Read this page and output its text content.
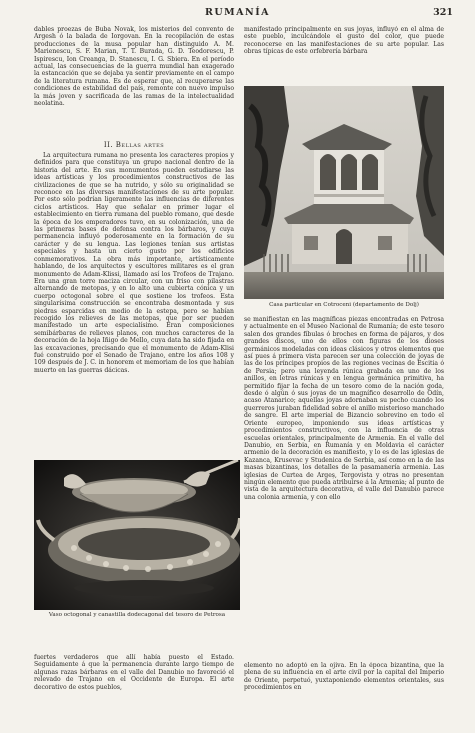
RUMANÍA	321

dables proezas de Buba Novak, los misterios del convento de Argesh ó la balada de Iorgovan. En la recopilación de estas producciones de la musa popular han distinguido A. M. Marienescu, S. F. Marian, T. T. Burada, G. D. Teodorescu, P. Ispirescu, Ion Creanga, D. Stanescu, I. G. Sbiera. En el período actual, las consecuencias de la guerra mundial han exagerado la estancación que se dejaba ya sentir previamente en el campo de la literatura rumana. Es de esperar que, al recuperarse las condiciones de estabilidad del país, remonte con nuevo impulso la más joven y sacrificada de las ramas de la intelectualidad neolatina.

II. Bellas artes

La arquitectura rumana no presenta los caracteres propios y definidos para que constituya un grupo nacional dentro de la historia del arte. En sus monumentos pueden estudiarse las ideas artísticas y los procedimientos constructivos de las civilizaciones de que se ha nutrido, y sólo su originalidad se reconoce en las diversas manifestaciones de su arte popular. Por esto sólo podrían ligeramente las influencias de diferentes ciclos artísticos. Hay que señalar en primer lugar el establecimiento en tierra rumana del pueblo romano, que desde la época de los emperadores tuvo, en su colonización, una de las primeras bases de defensa contra los bárbaros, y cuya permanencia influyó poderosamente en la formación de su carácter y de su lengua. Las legiones tenían sus artistas especiales y hasta un cierto gusto por los edificios conmemorativos. La obra más importante, artísticamente hablando, de los arquitectos y escultores militares es el gran monumento de Adam-Klissi, llamado así los Trofeos de Trajano. Era una gran torre maciza circular, con un friso con pilastras alternando de metopas, y en lo alto una cubierta cónica y un cuerpo octogonal sobre el que sostiene los trofeos. Esta singularísima construcción se encontraba desmontada y sus piedras esparcidas en medio de la estepa, pero se habían recogido los relieves de las metopas, que por ser pueden manifestado un arte especialísimo. Eran composiciones semibárbaras de relieves planos, con muchos caracteres de la decoración de la hoja Iñigo de Mello, cuya data ha sido fijada en las excavaciones, precisando que el monumento de Adam-Klisi fué construido por el Senado de Trajano, entre los años 108 y 109 después de J. C. in honorem et memoriam de los que habían muerto en las guerras dácicas.

manifestado principalmente en sus joyas, influyó en el alma de este pueblo, inculcándole el gusto del color, que puede reconocerse en las manifestaciones de su arte popular. Las obras típicas de este orfebrería bárbara

Casa particular en Cotroceni (departamento de Dolj)

se manifiestan en las magníficas piezas encontradas en Petrosa y actualmente en el Museo Nacional de Rumanía; de este tesoro salen dos grandes fíbulas ó broches en forma de pájaros, y dos grandes discos, uno de ellos con figuras de los dioses germánicos modeladas con ideas clásicos y otros elementos que así pues á primera vista parecen ser una colección de joyas de las de los príncipes propios de las regiones vecinas de Escitia ó de Persia; pero una leyenda rúnica grabada en uno de los anillos, en letras rúnicas y en lengua germánica primitiva, ha permitido fijar la fecha de un tesoro como de la nación goda, desde ó algún ó sus joyas de un magnífico desarrollo de Odín, acaso Atanarico; aquellas joyas adornaban su pecho cuando los guerreros juraban fidelidad sobre el anillo misterioso manchado de sangre. El arte imperial de Bizancio sobrevino en todo el Oriente europeo, imponiendo sus ideas artísticas y procedimientos constructivos, con la influencia de otras escuelas orientales, principalmente de Armenia. En el valle del Danubio, en Serbia, en Rumanía y en Moldavia el carácter armenio de la decoración es manifiesto, y lo es de las iglesias de Kazanca, Krusevac y Studenica de Serbia, así como en la de las masas bizantinas, los detalles de la pasamanería armenia. Las iglesias de Curtea de Argeș, Tergovista y otras no presentan ningún elemento que pueda atribuirse á la Armenia; al punto de vista de la arquitectura decorativa, el valle del Danubio parece una colonia armenia, y con ello

Vaso octogonal y canastilla dodecagonal del tesoro de Petrosa

fuertes verdaderos que allí había puesto el Estado. Seguidamente á que la permanencia durante largo tiempo de algunas razas bárbaras en el valle del Danubio no favoreció el relevado de Trajano en el Occidente de Europa. El arte decorativo de estos pueblos,

elemento no adoptó en la ojiva. En la época bizantina, que la plena de su influencia en el arte civil por la capital del Imperio de Oriente, perpetuó, yuxtaponiendo elementos orientales, sus procedimientos en
